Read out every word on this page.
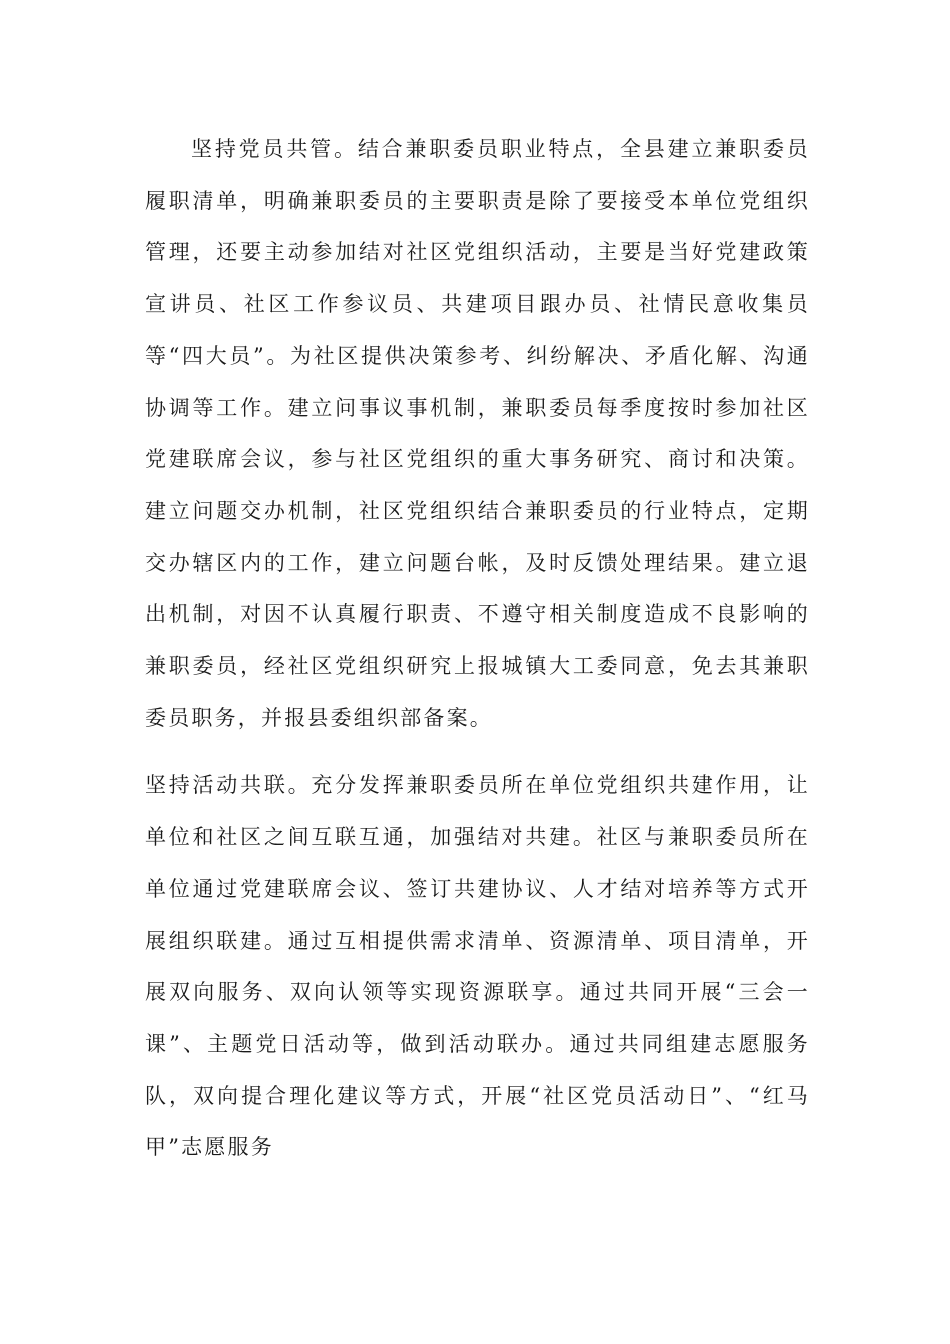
坚持党员共管。结合兼职委员职业特点，全县建立兼职委员履职清单，明确兼职委员的主要职责是除了要接受本单位党组织管理，还要主动参加结对社区党组织活动，主要是当好党建政策宣讲员、社区工作参议员、共建项目跟办员、社情民意收集员等“四大员”。为社区提供决策参考、纠纷解决、矛盾化解、沟通协调等工作。建立问事议事机制，兼职委员每季度按时参加社区党建联席会议，参与社区党组织的重大事务研究、商讨和决策。建立问题交办机制，社区党组织结合兼职委员的行业特点，定期交办辖区内的工作，建立问题台帐，及时反馈处理结果。建立退出机制，对因不认真履行职责、不遵守相关制度造成不良影响的兼职委员，经社区党组织研究上报城镇大工委同意，免去其兼职委员职务，并报县委组织部备案。

坚持活动共联。充分发挥兼职委员所在单位党组织共建作用，让单位和社区之间互联互通，加强结对共建。社区与兼职委员所在单位通过党建联席会议、签订共建协议、人才结对培养等方式开展组织联建。通过互相提供需求清单、资源清单、项目清单，开展双向服务、双向认领等实现资源联享。通过共同开展“三会一课”、主题党日活动等，做到活动联办。通过共同组建志愿服务队，双向提合理化建议等方式，开展“社区党员活动日”、“红马甲”志愿服务
